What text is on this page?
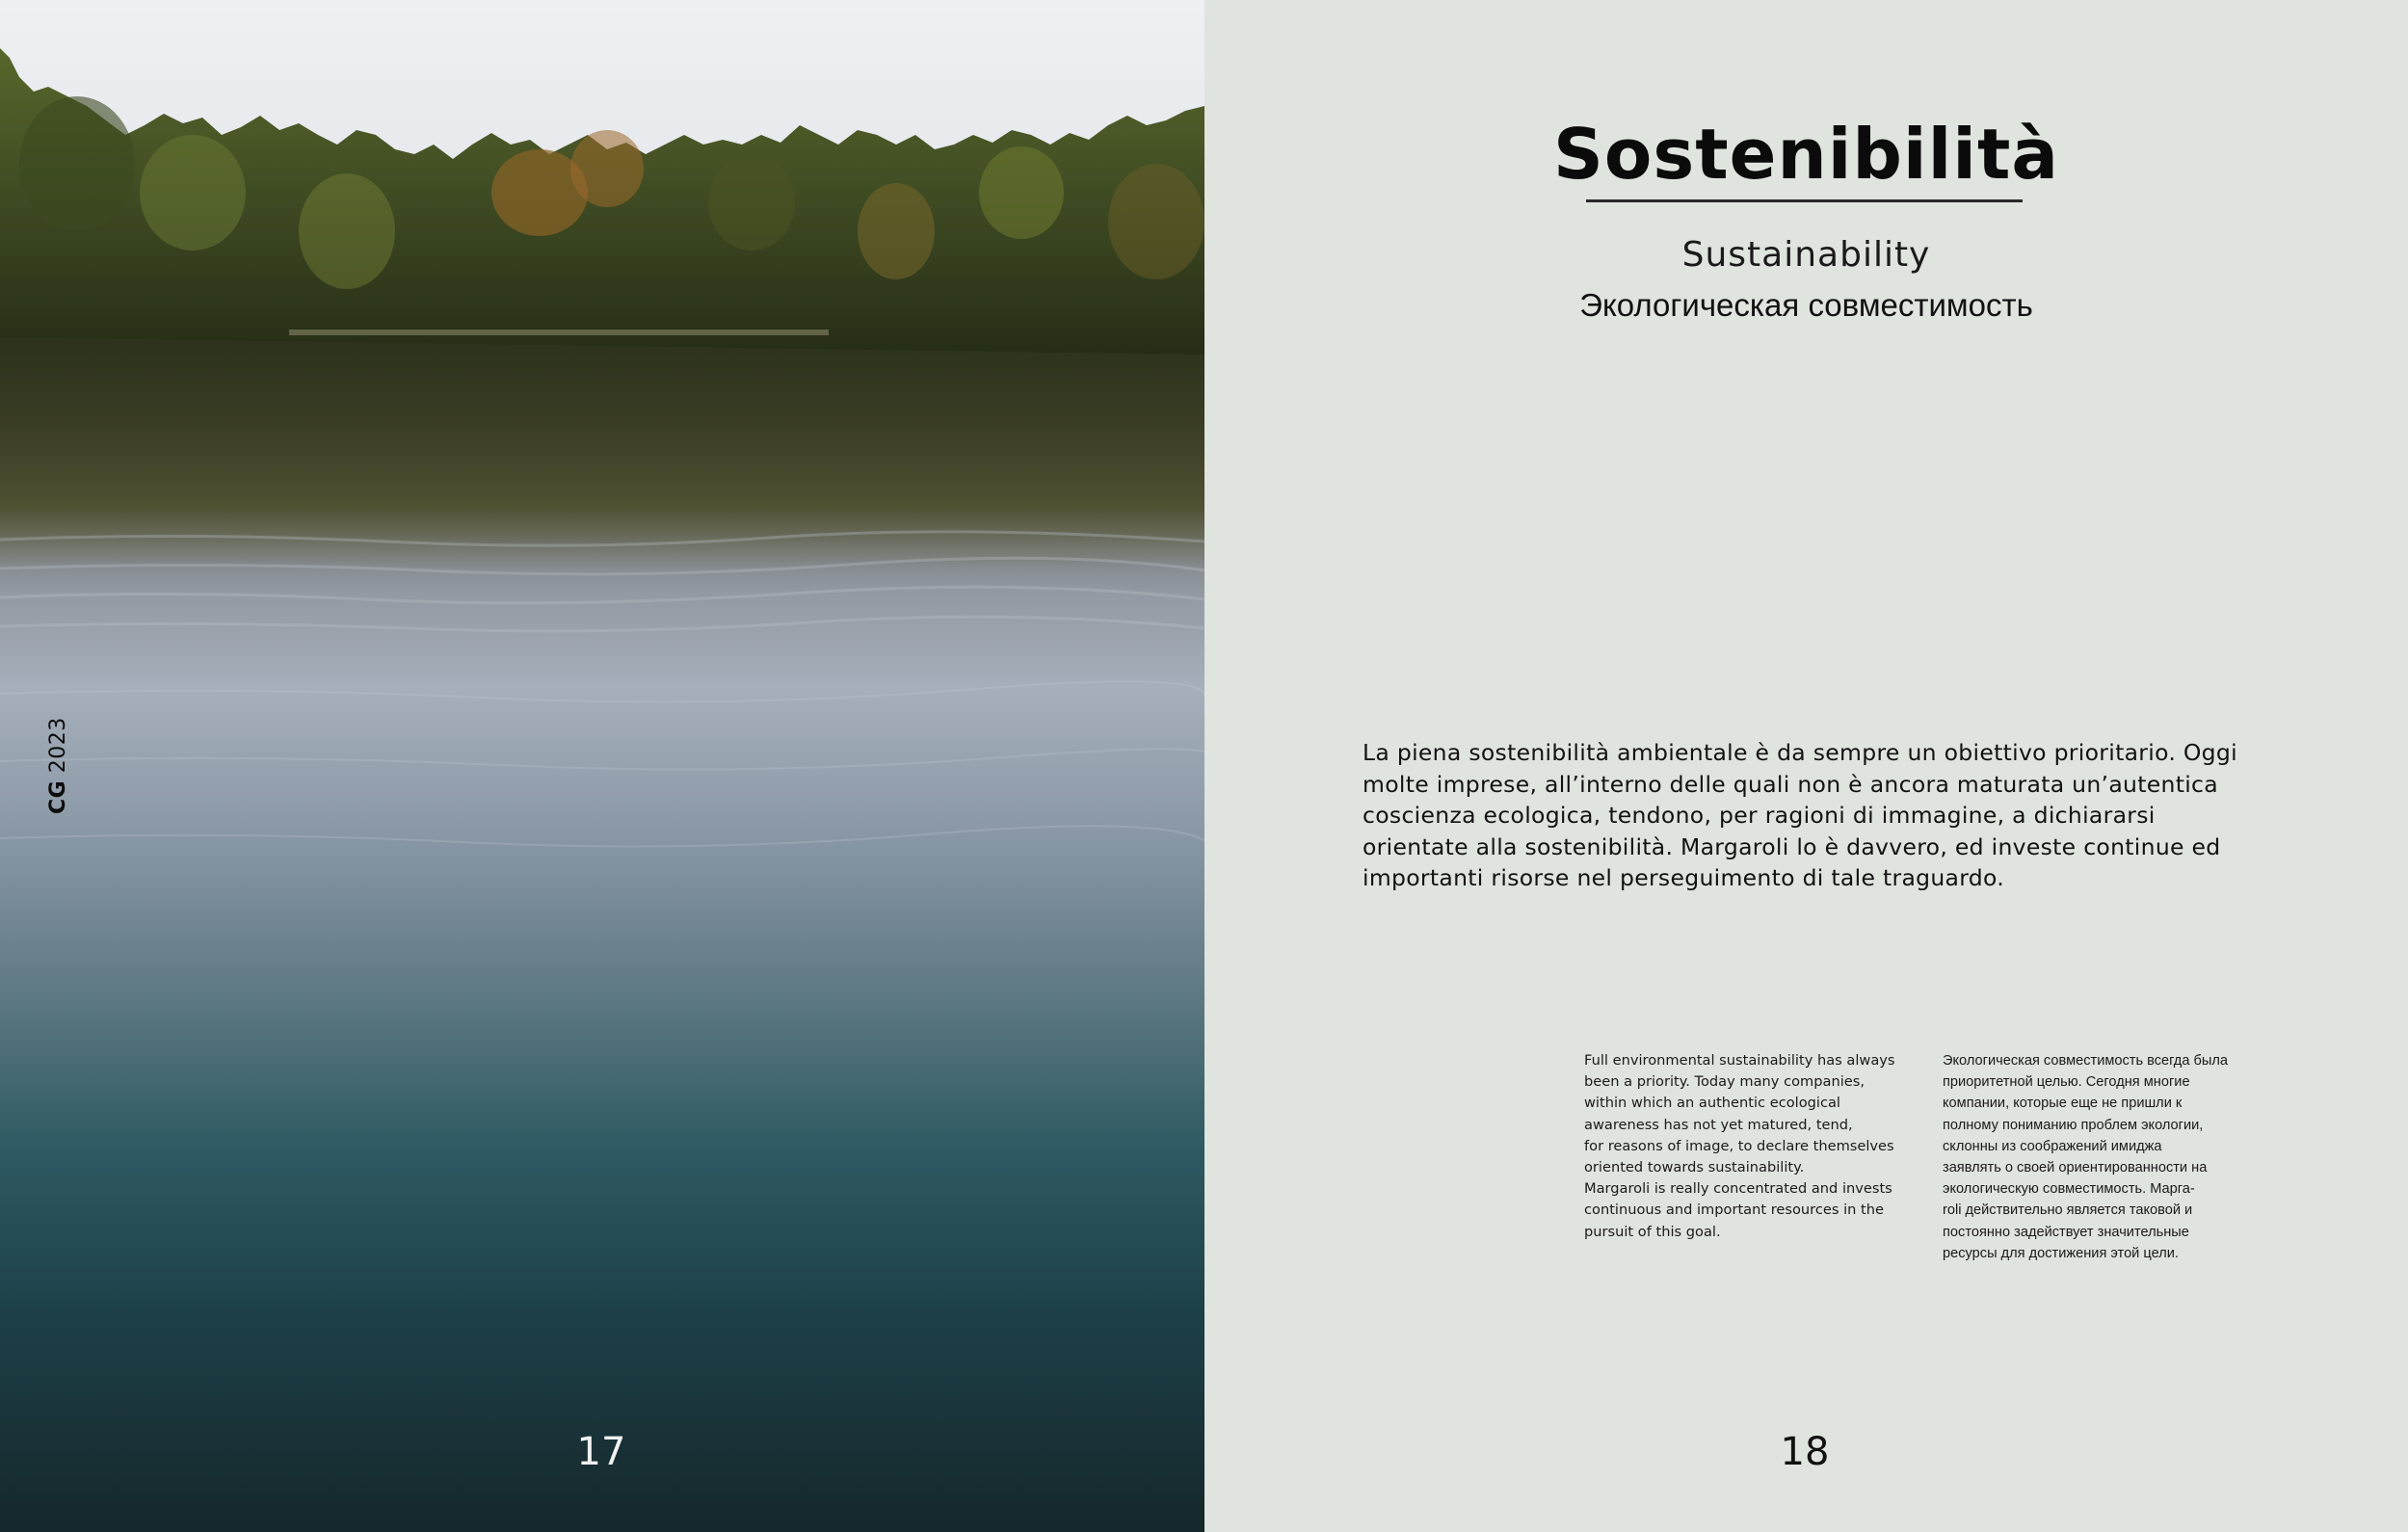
CG 2023
17
Sostenibilità
Sustainability
Экологическая совместимость

La piena sostenibilità ambientale è da sempre un obiettivo prioritario. Oggi molte imprese, all’interno delle quali non è ancora maturata un’autentica coscienza ecologica, tendono, per ragioni di immagine, a dichiararsi orientate alla sostenibilità. Margaroli lo è davvero, ed investe continue ed importanti risorse nel perseguimento di tale traguardo.

Full environmental sustainability has always
been a priority. Today many companies,
within which an authentic ecological
awareness has not yet matured, tend,
for reasons of image, to declare themselves
oriented towards sustainability.
Margaroli is really concentrated and invests
continuous and important resources in the
pursuit of this goal.

Экологическая совместимость всегда была
приоритетной целью. Сегодня многие
компании, которые еще не пришли к
полному пониманию проблем экологии,
склонны из соображений имиджа
заявлять о своей ориентированности на
экологическую совместимость. Марга-
roli действительно является таковой и
постоянно задействует значительные
ресурсы для достижения этой цели.

18
